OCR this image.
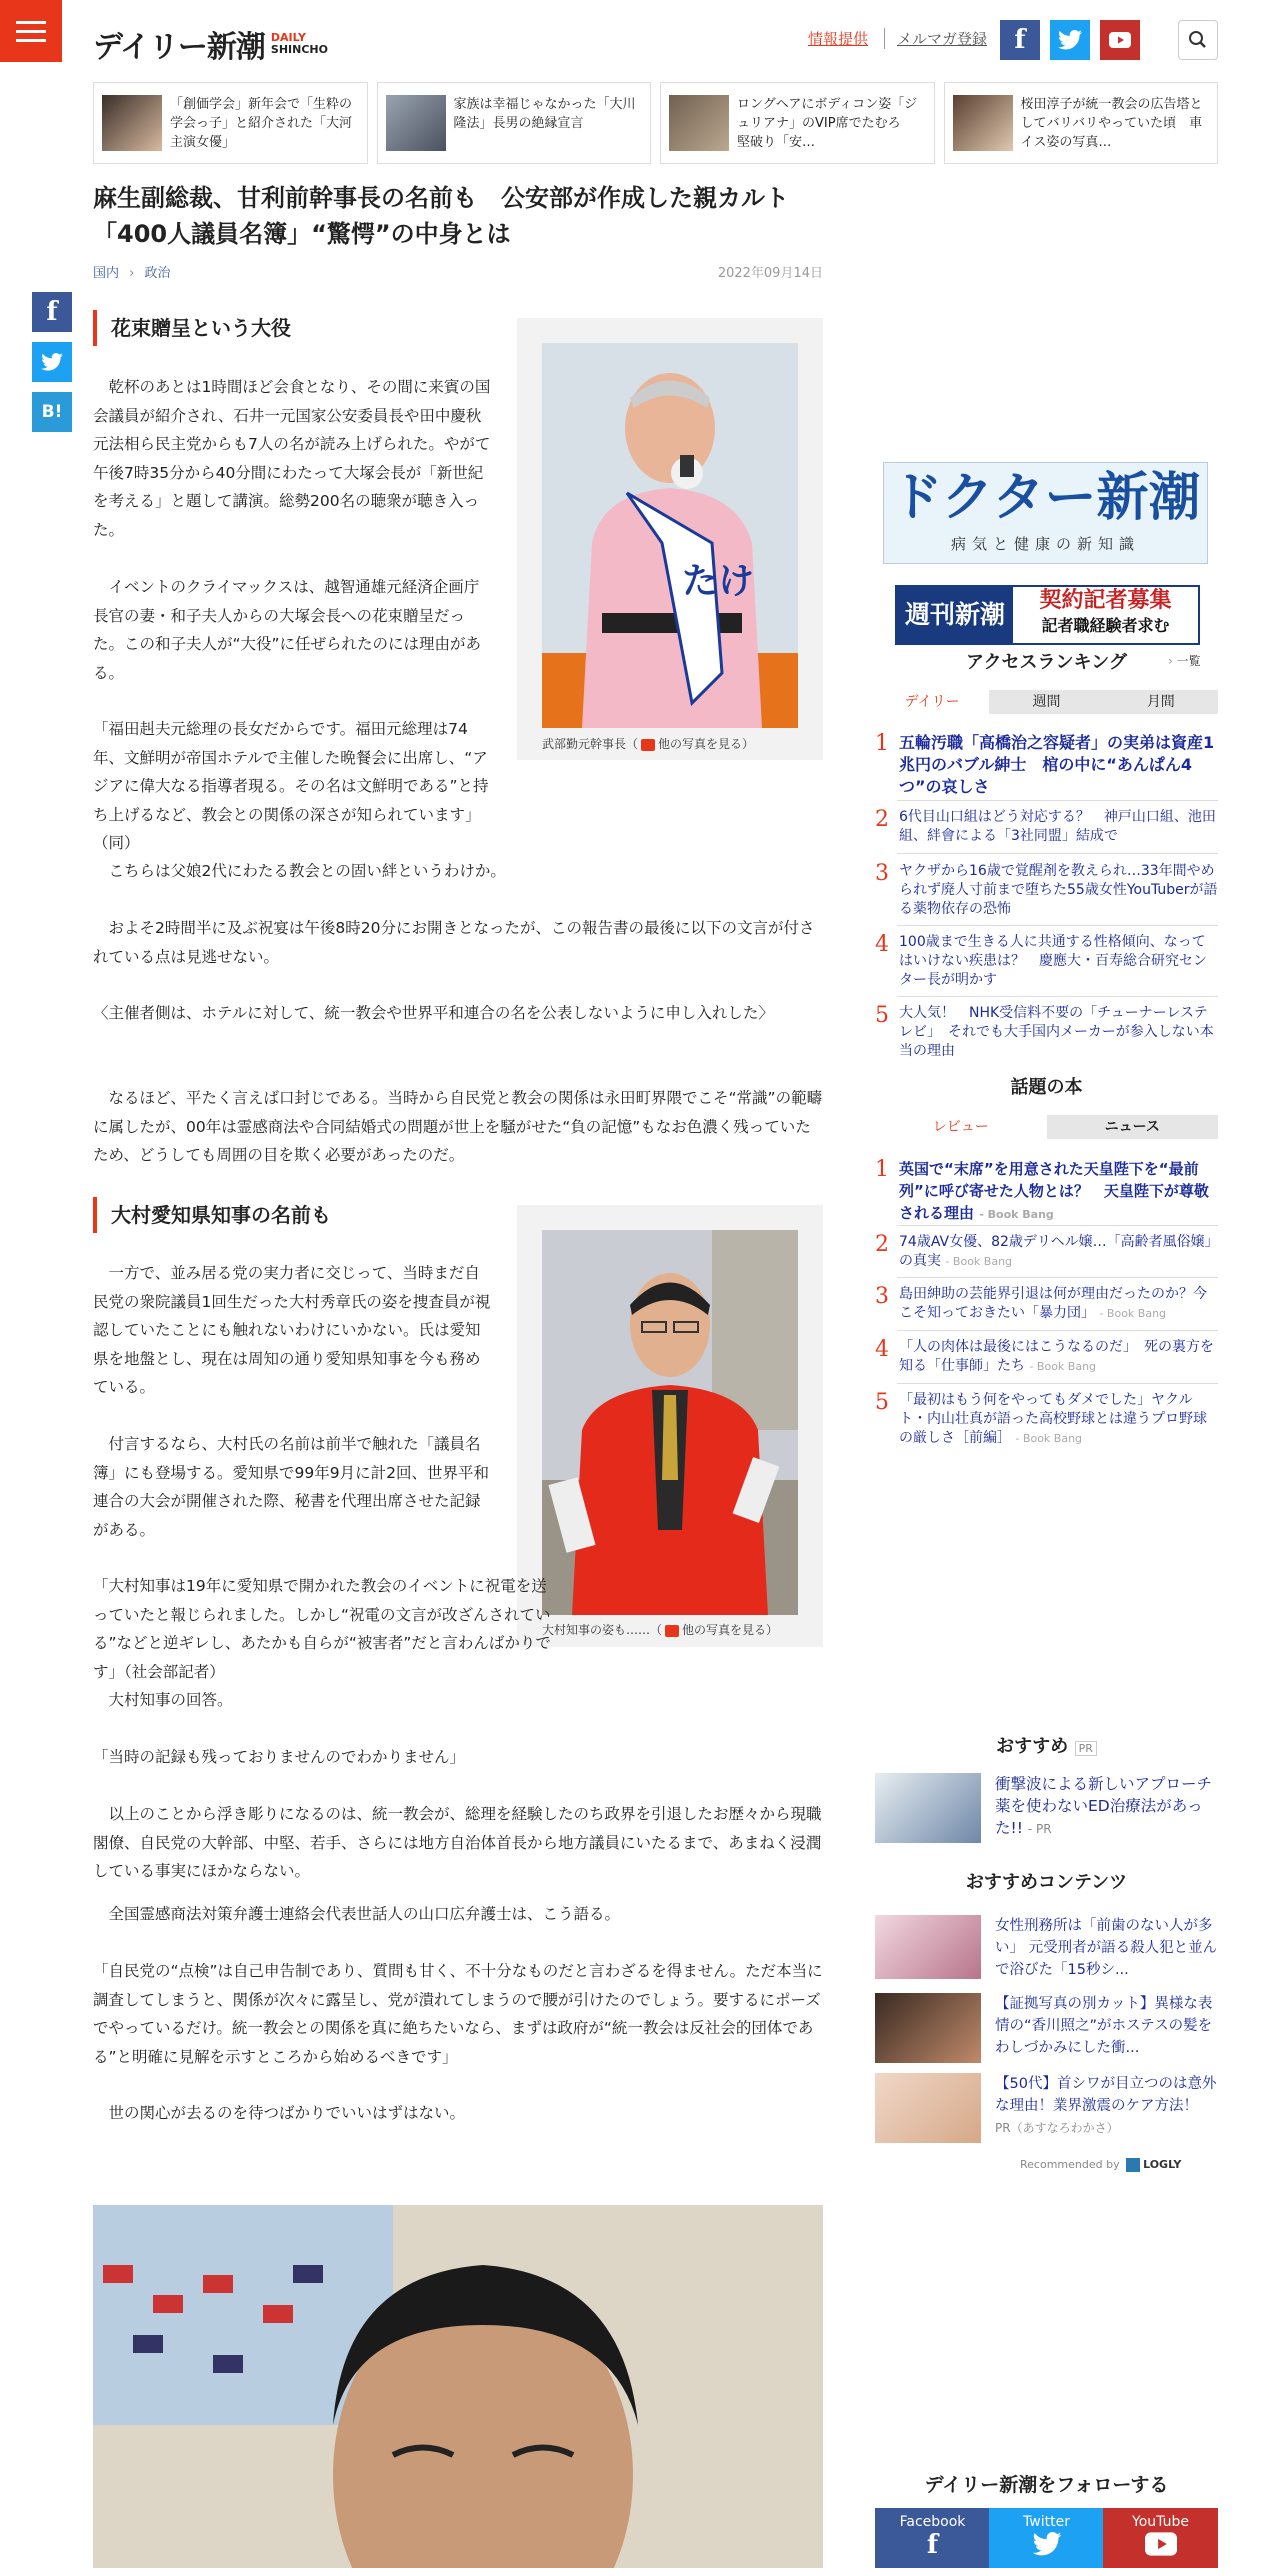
デイリー新潮 DAILY
SHINCHO
情報提供	メルマガ登録	f
「創価学会」新年会で「生粋の学会っ子」と紹介された「大河主演女優」
家族は幸福じゃなかった「大川隆法」長男の絶縁宣言
ロングヘアにボディコン姿「ジュリアナ」のVIP席でたむろ　堅破り「安…
桜田淳子が統一教会の広告塔としてバリバリやっていた頃　車イス姿の写真…
麻生副総裁、甘利前幹事長の名前も　公安部が作成した親カルト「400人議員名簿」“驚愕”の中身とは
国内 › 政治	2022年09月14日
f
B!
花束贈呈という大役
たけ
武部勤元幹事長（ 他の写真を見る）

乾杯のあとは1時間ほど会食となり、その間に来賓の国会議員が紹介され、石井一元国家公安委員長や田中慶秋元法相ら民主党からも7人の名が読み上げられた。やがて午後7時35分から40分間にわたって大塚会長が「新世紀を考える」と題して講演。総勢200名の聴衆が聴き入った。

イベントのクライマックスは、越智通雄元経済企画庁長官の妻・和子夫人からの大塚会長への花束贈呈だった。この和子夫人が“大役”に任ぜられたのには理由がある。

「福田赳夫元総理の長女だからです。福田元総理は74年、文鮮明が帝国ホテルで主催した晩餐会に出席し、“アジアに偉大なる指導者現る。その名は文鮮明である”と持ち上げるなど、教会との関係の深さが知られています」（同）

こちらは父娘2代にわたる教会との固い絆というわけか。

およそ2時間半に及ぶ祝宴は午後8時20分にお開きとなったが、この報告書の最後に以下の文言が付されている点は見逃せない。

〈主催者側は、ホテルに対して、統一教会や世界平和連合の名を公表しないように申し入れした〉

なるほど、平たく言えば口封じである。当時から自民党と教会の関係は永田町界隈でこそ“常識”の範疇に属したが、00年は霊感商法や合同結婚式の問題が世上を騒がせた“負の記憶”もなお色濃く残っていたため、どうしても周囲の目を欺く必要があったのだ。

大村愛知県知事の名前も
大村知事の姿も……（ 他の写真を見る）

一方で、並み居る党の実力者に交じって、当時まだ自民党の衆院議員1回生だった大村秀章氏の姿を捜査員が視認していたことにも触れないわけにいかない。氏は愛知県を地盤とし、現在は周知の通り愛知県知事を今も務めている。

付言するなら、大村氏の名前は前半で触れた「議員名簿」にも登場する。愛知県で99年9月に計2回、世界平和連合の大会が開催された際、秘書を代理出席させた記録がある。

「大村知事は19年に愛知県で開かれた教会のイベントに祝電を送っていたと報じられました。しかし“祝電の文言が改ざんされている”などと逆ギレし、あたかも自らが“被害者”だと言わんばかりです」（社会部記者）

大村知事の回答。

「当時の記録も残っておりませんのでわかりません」

以上のことから浮き彫りになるのは、統一教会が、総理を経験したのち政界を引退したお歴々から現職閣僚、自民党の大幹部、中堅、若手、さらには地方自治体首長から地方議員にいたるまで、あまねく浸潤している事実にほかならない。

全国霊感商法対策弁護士連絡会代表世話人の山口広弁護士は、こう語る。

「自民党の“点検”は自己申告制であり、質問も甘く、不十分なものだと言わざるを得ません。ただ本当に調査してしまうと、関係が次々に露呈し、党が潰れてしまうので腰が引けたのでしょう。要するにポーズでやっているだけ。統一教会との関係を真に絶ちたいなら、まずは政府が“統一教会は反社会的団体である”と明確に見解を示すところから始めるべきです」

世の関心が去るのを待つばかりでいいはずはない。

ドクター新潮
病気と健康の新知識
週刊新潮	契約記者募集
記者職経験者求む
アクセスランキング	› 一覧
デイリー	週間	月間
1 五輪汚職「高橋治之容疑者」の実弟は資産1兆円のバブル紳士　棺の中に“あんぱん4つ”の哀しさ
2 6代目山口組はどう対応する？　神戸山口組、池田組、絆會による「3社同盟」結成で
3 ヤクザから16歳で覚醒剤を教えられ…33年間やめられず廃人寸前まで堕ちた55歳女性YouTuberが語る薬物依存の恐怖
4 100歳まで生きる人に共通する性格傾向、なってはいけない疾患は？　慶應大・百寿総合研究センター長が明かす
5 大人気！　NHK受信料不要の「チューナーレステレビ」　それでも大手国内メーカーが参入しない本当の理由
話題の本
レビュー	ニュース
1 英国で“末席”を用意された天皇陛下を“最前列”に呼び寄せた人物とは？　天皇陛下が尊敬される理由 - Book Bang
2 74歳AV女優、82歳デリヘル嬢…「高齢者風俗嬢」の真実 - Book Bang
3 島田紳助の芸能界引退は何が理由だったのか？今こそ知っておきたい「暴力団」 - Book Bang
4 「人の肉体は最後にはこうなるのだ」　死の裏方を知る「仕事師」たち - Book Bang
5 「最初はもう何をやってもダメでした」ヤクルト・内山壮真が語った高校野球とは違うプロ野球の厳しさ［前編］ - Book Bang
おすすめ PR
衝撃波による新しいアプローチ　薬を使わないED治療法があった!! - PR
おすすめコンテンツ
女性刑務所は「前歯のない人が多い」 元受刑者が語る殺人犯と並んで浴びた「15秒シ...
【証拠写真の別カット】異様な表情の“香川照之”がホステスの髪をわしづかみにした衝...
【50代】首シワが目立つのは意外な理由！業界激震のケア方法！
PR（あすなろわかさ）
Recommended by LOGLY
デイリー新潮をフォローする
Facebook
f
Twitter	YouTube
